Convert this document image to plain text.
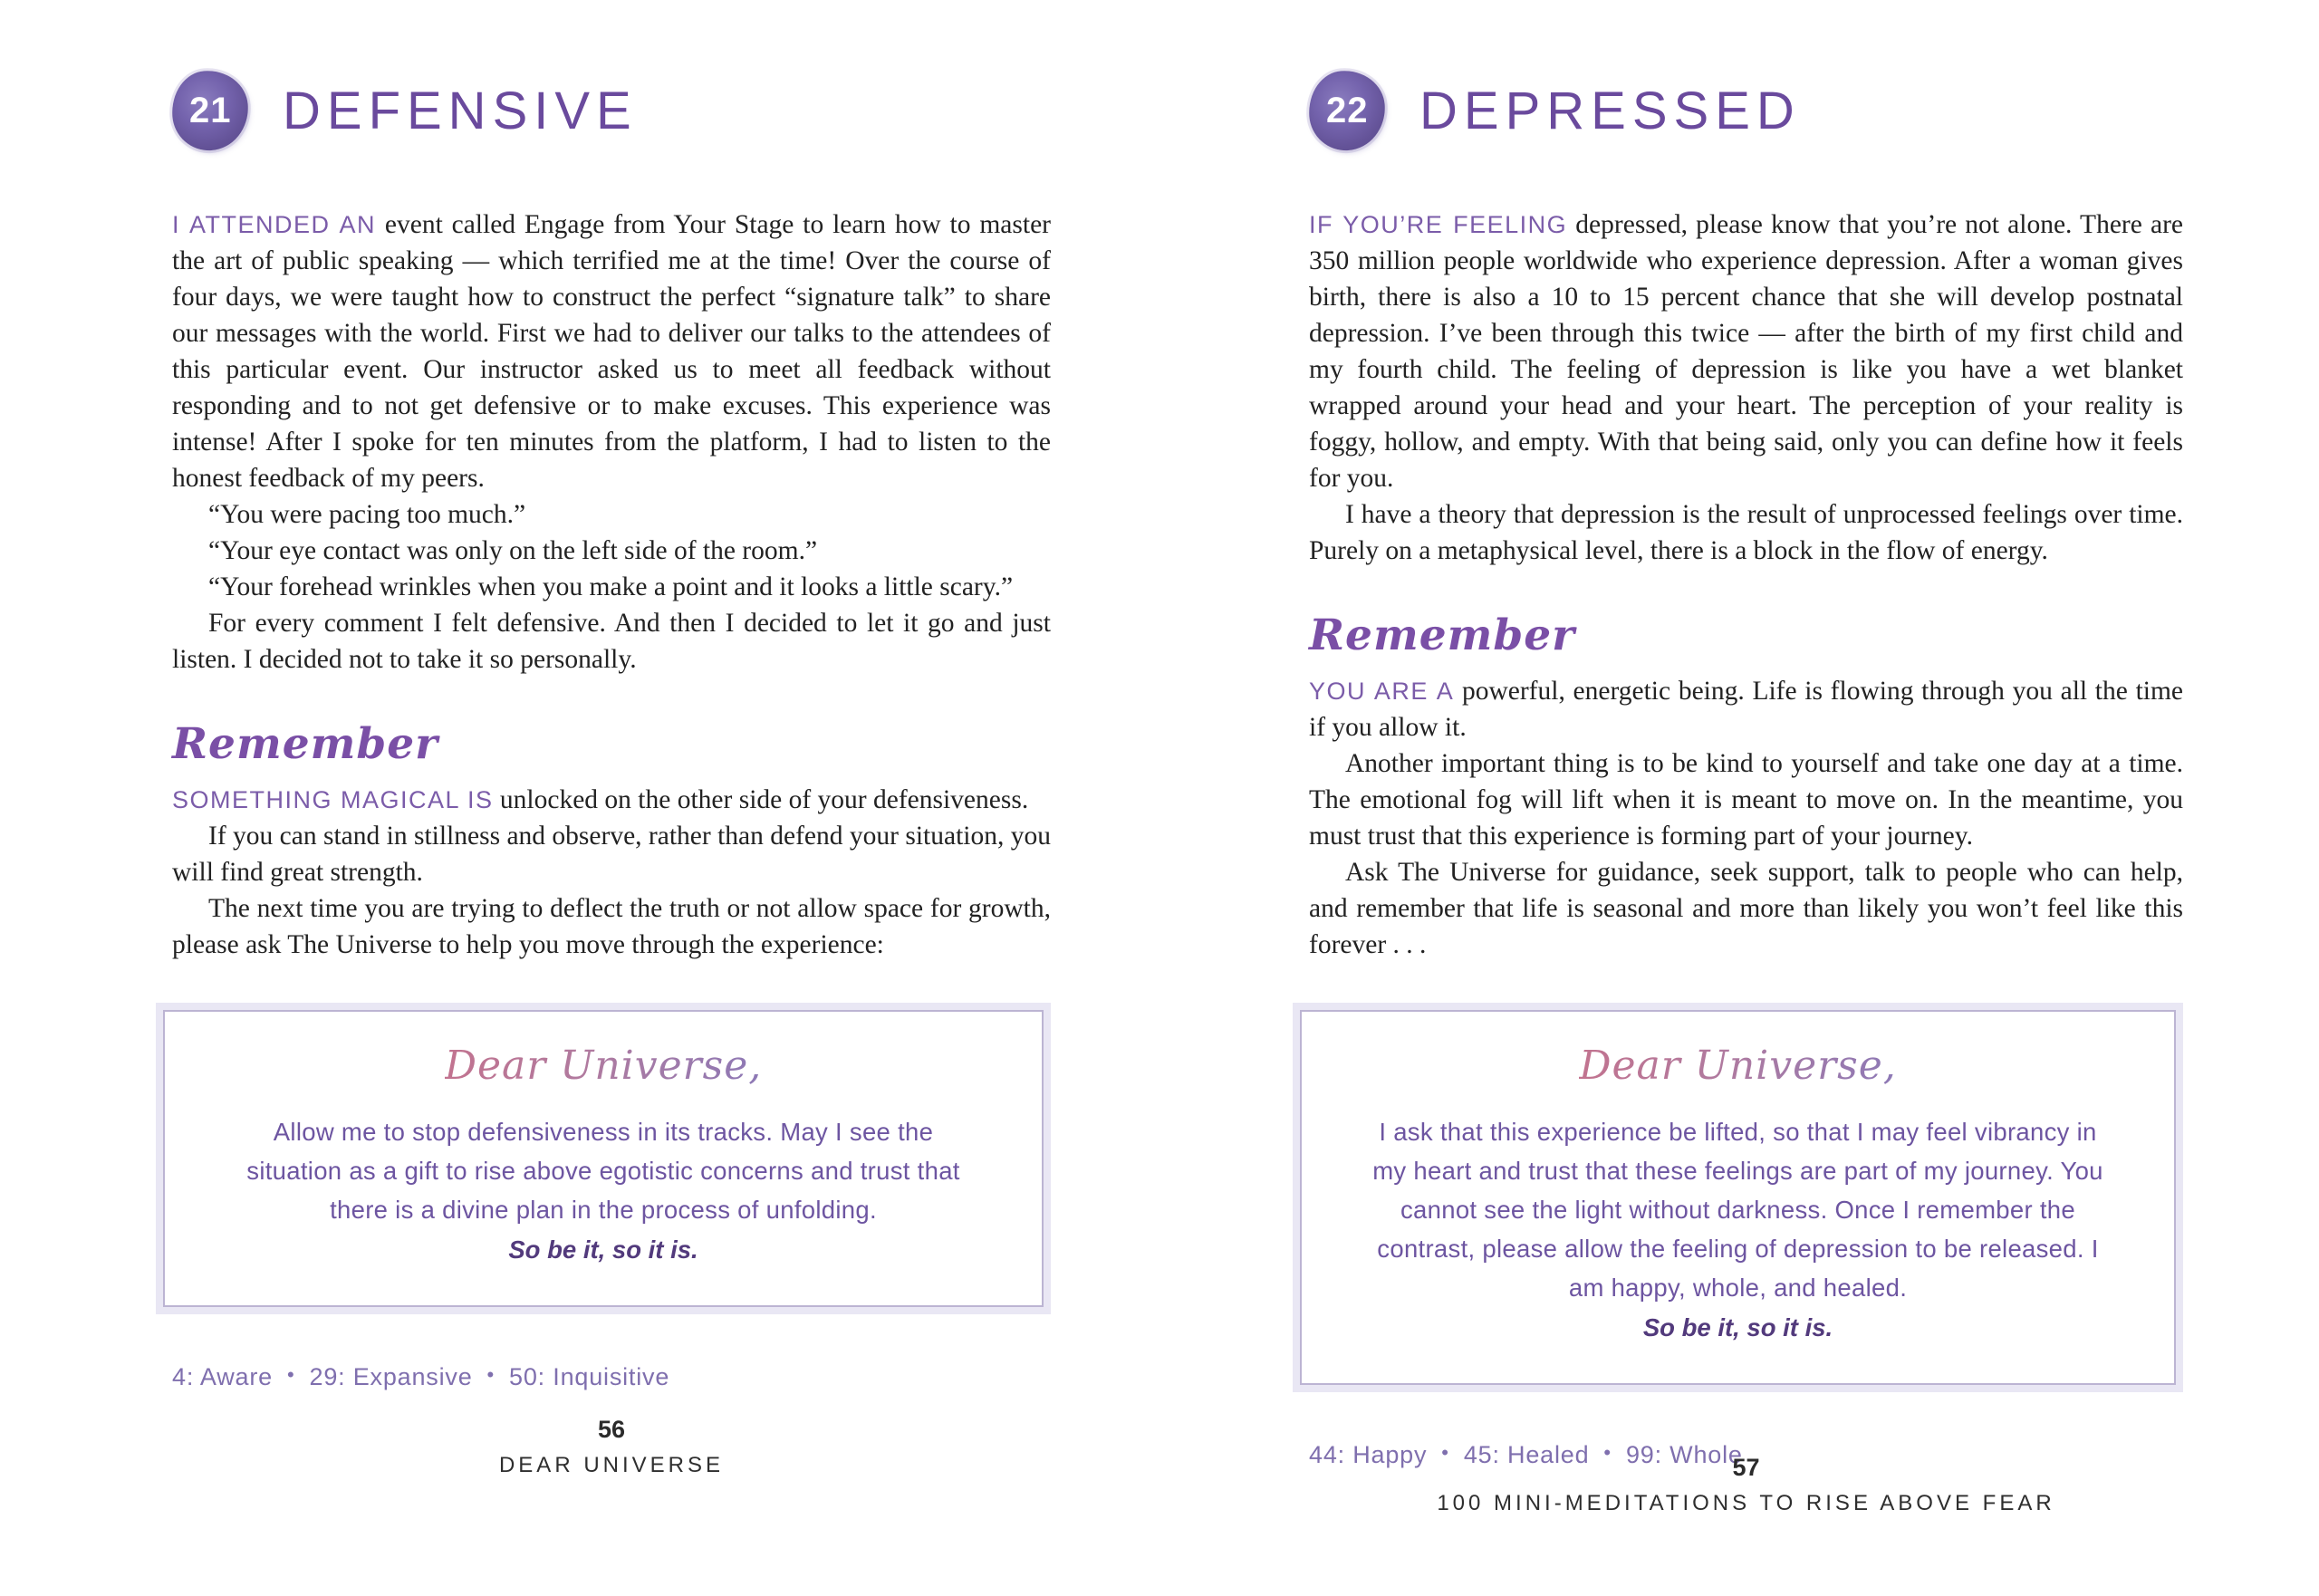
21 DEFENSIVE

I ATTENDED AN event called Engage from Your Stage to learn how to master the art of public speaking — which terrified me at the time! Over the course of four days, we were taught how to construct the perfect “signature talk” to share our messages with the world. First we had to deliver our talks to the attendees of this particular event. Our instructor asked us to meet all feedback without responding and to not get defensive or to make excuses. This experience was intense! After I spoke for ten minutes from the platform, I had to listen to the honest feedback of my peers.

“You were pacing too much.”

“Your eye contact was only on the left side of the room.”

“Your forehead wrinkles when you make a point and it looks a little scary.”

For every comment I felt defensive. And then I decided to let it go and just listen. I decided not to take it so personally.

Remember

SOMETHING MAGICAL IS unlocked on the other side of your defensiveness.

If you can stand in stillness and observe, rather than defend your situation, you will find great strength.

The next time you are trying to deflect the truth or not allow space for growth, please ask The Universe to help you move through the experience:

Dear Universe,

Allow me to stop defensiveness in its tracks. May I see the situation as a gift to rise above egotistic concerns and trust that there is a divine plan in the process of unfolding.

So be it, so it is.

4: Aware • 29: Expansive • 50: Inquisitive
56
DEAR UNIVERSE
22 DEPRESSED

IF YOU’RE FEELING depressed, please know that you’re not alone. There are 350 million people worldwide who experience depression. After a woman gives birth, there is also a 10 to 15 percent chance that she will develop postnatal depression. I’ve been through this twice — after the birth of my first child and my fourth child. The feeling of depression is like you have a wet blanket wrapped around your head and your heart. The perception of your reality is foggy, hollow, and empty. With that being said, only you can define how it feels for you.

I have a theory that depression is the result of unprocessed feelings over time. Purely on a metaphysical level, there is a block in the flow of energy.

Remember

YOU ARE A powerful, energetic being. Life is flowing through you all the time if you allow it.

Another important thing is to be kind to yourself and take one day at a time. The emotional fog will lift when it is meant to move on. In the meantime, you must trust that this experience is forming part of your journey.

Ask The Universe for guidance, seek support, talk to people who can help, and remember that life is seasonal and more than likely you won’t feel like this forever . . .

Dear Universe,

I ask that this experience be lifted, so that I may feel vibrancy in my heart and trust that these feelings are part of my journey. You cannot see the light without darkness. Once I remember the contrast, please allow the feeling of depression to be released. I am happy, whole, and healed.

So be it, so it is.

44: Happy • 45: Healed • 99: Whole
57
100 MINI-MEDITATIONS TO RISE ABOVE FEAR
